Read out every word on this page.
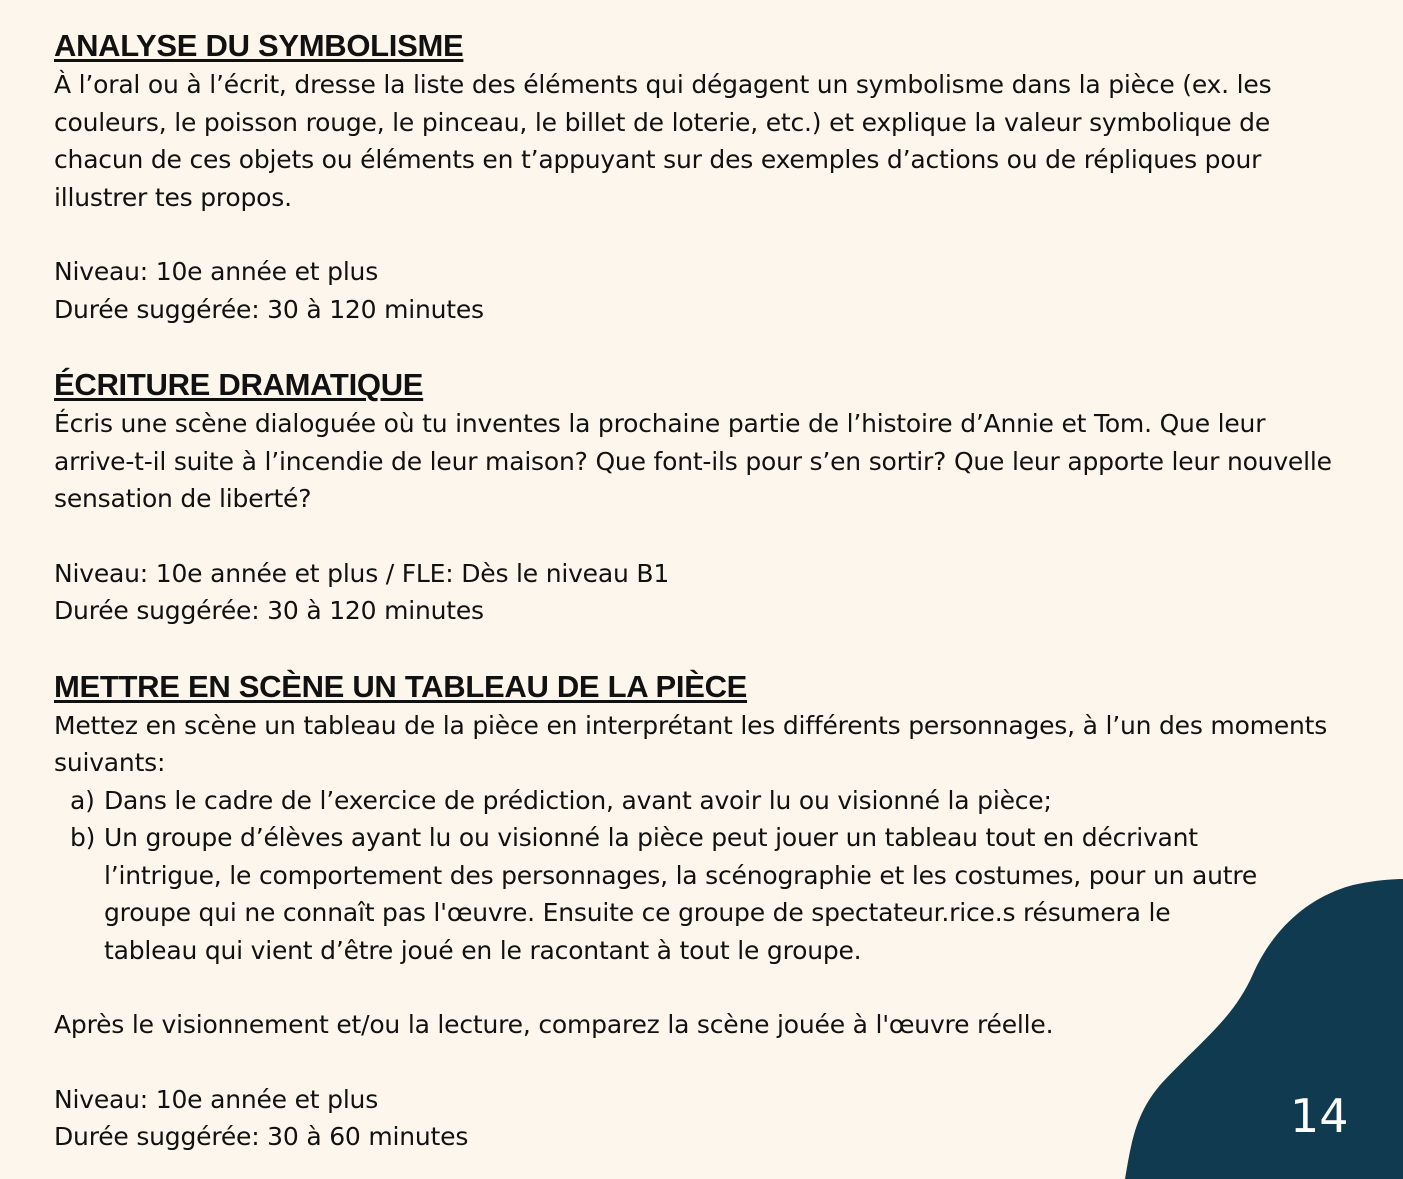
ANALYSE DU SYMBOLISME

À l’oral ou à l’écrit, dresse la liste des éléments qui dégagent un symbolisme dans la pièce (ex. les couleurs, le poisson rouge, le pinceau, le billet de loterie, etc.) et explique la valeur symbolique de chacun de ces objets ou éléments en t’appuyant sur des exemples d’actions ou de répliques pour illustrer tes propos.

Niveau: 10e année et plus

Durée suggérée: 30 à 120 minutes

ÉCRITURE DRAMATIQUE

Écris une scène dialoguée où tu inventes la prochaine partie de l’histoire d’Annie et Tom. Que leur arrive-t-il suite à l’incendie de leur maison? Que font-ils pour s’en sortir? Que leur apporte leur nouvelle sensation de liberté?

Niveau: 10e année et plus / FLE: Dès le niveau B1

Durée suggérée: 30 à 120 minutes

METTRE EN SCÈNE UN TABLEAU DE LA PIÈCE

Mettez en scène un tableau de la pièce en interprétant les différents personnages, à l’un des moments suivants:

a) Dans le cadre de l’exercice de prédiction, avant avoir lu ou visionné la pièce;
b) Un groupe d’élèves ayant lu ou visionné la pièce peut jouer un tableau tout en décrivant l’intrigue, le comportement des personnages, la scénographie et les costumes, pour un autre groupe qui ne connaît pas l'œuvre. Ensuite ce groupe de spectateur.rice.s résumera le tableau qui vient d’être joué en le racontant à tout le groupe.

Après le visionnement et/ou la lecture, comparez la scène jouée à l'œuvre réelle.

Niveau: 10e année et plus

Durée suggérée: 30 à 60 minutes	14
